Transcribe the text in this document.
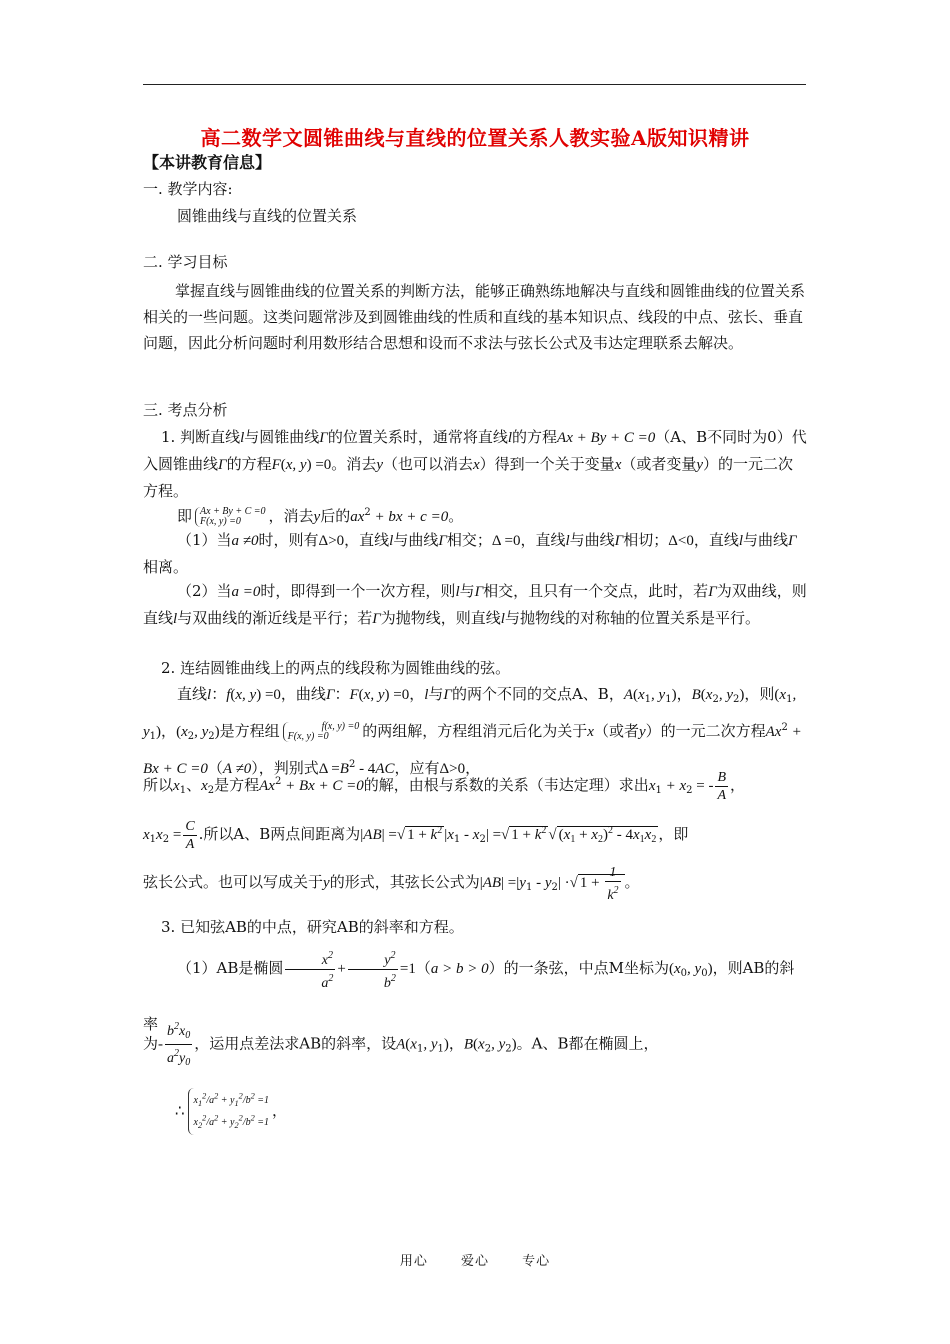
高二数学文圆锥曲线与直线的位置关系人教实验A版知识精讲
【本讲教育信息】
一. 教学内容:
圆锥曲线与直线的位置关系
二. 学习目标
掌握直线与圆锥曲线的位置关系的判断方法，能够正确熟练地解决与直线和圆锥曲线的位置关系相关的一些问题。这类问题常涉及到圆锥曲线的性质和直线的基本知识点、线段的中点、弦长、垂直问题，因此分析问题时利用数形结合思想和设而不求法与弦长公式及韦达定理联系去解决。
三. 考点分析
1. 判断直线l与圆锥曲线Γ的位置关系时，通常将直线l的方程Ax + By + C =0（A、B不同时为0）代入圆锥曲线Γ的方程F(x, y) =0。消去y（也可以消去x）得到一个关于变量x（或者变量y）的一元二次方程。
即 Ax + By + C =0
F(x, y) =0 ，消去y后的$ax^2$ + bx + c =0。
（1）当a ≠0时，则有Δ>0，直线l与曲线Γ相交；Δ =0，直线l与曲线Γ相切；Δ<0，直线l与曲线Γ相离。
（2）当a =0时，即得到一个一次方程，则l与Γ相交，且只有一个交点，此时，若Γ为双曲线，则直线l与双曲线的渐近线是平行；若Γ为抛物线，则直线l与抛物线的对称轴的位置关系是平行。
2. 连结圆锥曲线上的两点的线段称为圆锥曲线的弦。
直线l：f(x, y) =0，曲线Γ：F(x, y) =0，l与Γ的两个不同的交点A、B，$A(x_1$, $y_1$)，$B(x_2$, $y_2$)，则($x_1$, $y_1$)，($x_2$, $y_2$)是方程组	f(x, y) =0
F(x, y) =0 的两组解，方程组消元后化为关于x（或者y）的一元二次方程$Ax^2 + Bx + C =0(A \ne 0)$，判别式$\Delta =B^2 - 4AC$，应有Δ>0，
所以$x_1$、$x_2$是方程$Ax^2 + Bx + C =0$的解，由根与系数的关系（韦达定理）求出$x_1 + x_2$ = - $\frac{B}{A}$ ，
$x_1x_2 = \frac{C}{A}$ .所以A、B两点间距离为|AB| =√ $1 + k^2$ $|x_1 - x_2|$ =√ $1 + k^2$ √ $(x_1 + x_2)^2 - 4x_1x_2$ ，即
弦长公式。也可以写成关于y的形式，其弦长公式为$|AB| =|y_1 - y_2|$ ·√ $1 + \frac{1}{k^2}$ 。
3. 已知弦AB的中点，研究AB的斜率和方程。
（1）AB是椭圆 $\frac{x^2}{a^2} + \frac{y^2}{b^2} =1(a > b > 0)$的一条弦，中点M坐标为($x_0$, $y_0$)，则AB的斜率
为- $\frac{b^2x_0}{a^2y_0}$ ，运用点差法求AB的斜率，设$A(x_1$, $y_1$)，$B(x_2$, $y_2$)。A、B都在椭圆上，
$\therefore x_1^2/a^2 + y_1^2/b^2 =1$
$x_2^2/a^2 + y_2^2/b^2 =1$，
用心	爱心	专心
